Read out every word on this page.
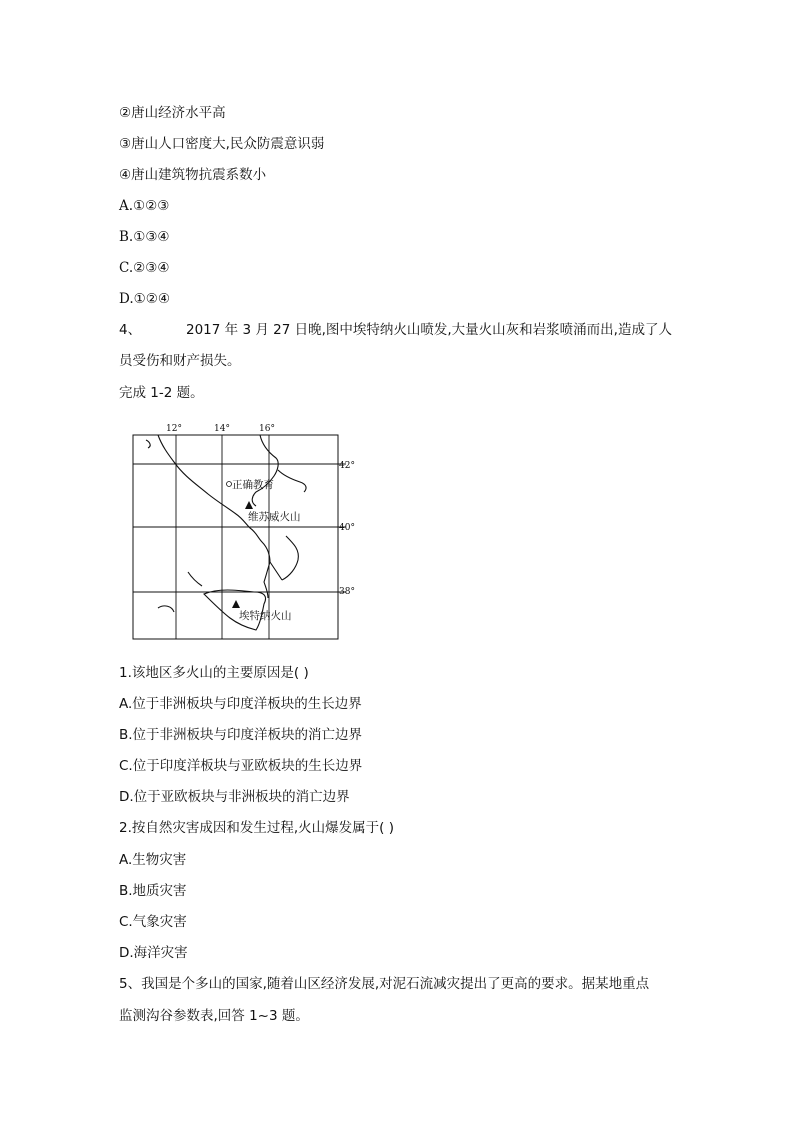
②唐山经济水平高
③唐山人口密度大,民众防震意识弱
④唐山建筑物抗震系数小
A.①②③
B.①③④
C.②③④
D.①②④
4、	2017 年 3 月 27 日晚,图中埃特纳火山喷发,大量火山灰和岩浆喷涌而出,造成了人
员受伤和财产损失。
完成 1-2 题。
12°	14°	16°
42°
40°
38°
正确教育
维苏威火山
埃特纳火山
1.该地区多火山的主要原因是( )
A.位于非洲板块与印度洋板块的生长边界
B.位于非洲板块与印度洋板块的消亡边界
C.位于印度洋板块与亚欧板块的生长边界
D.位于亚欧板块与非洲板块的消亡边界
2.按自然灾害成因和发生过程,火山爆发属于( )
A.生物灾害
B.地质灾害
C.气象灾害
D.海洋灾害
5、我国是个多山的国家,随着山区经济发展,对泥石流减灾提出了更高的要求。据某地重点
监测沟谷参数表,回答 1~3 题。
